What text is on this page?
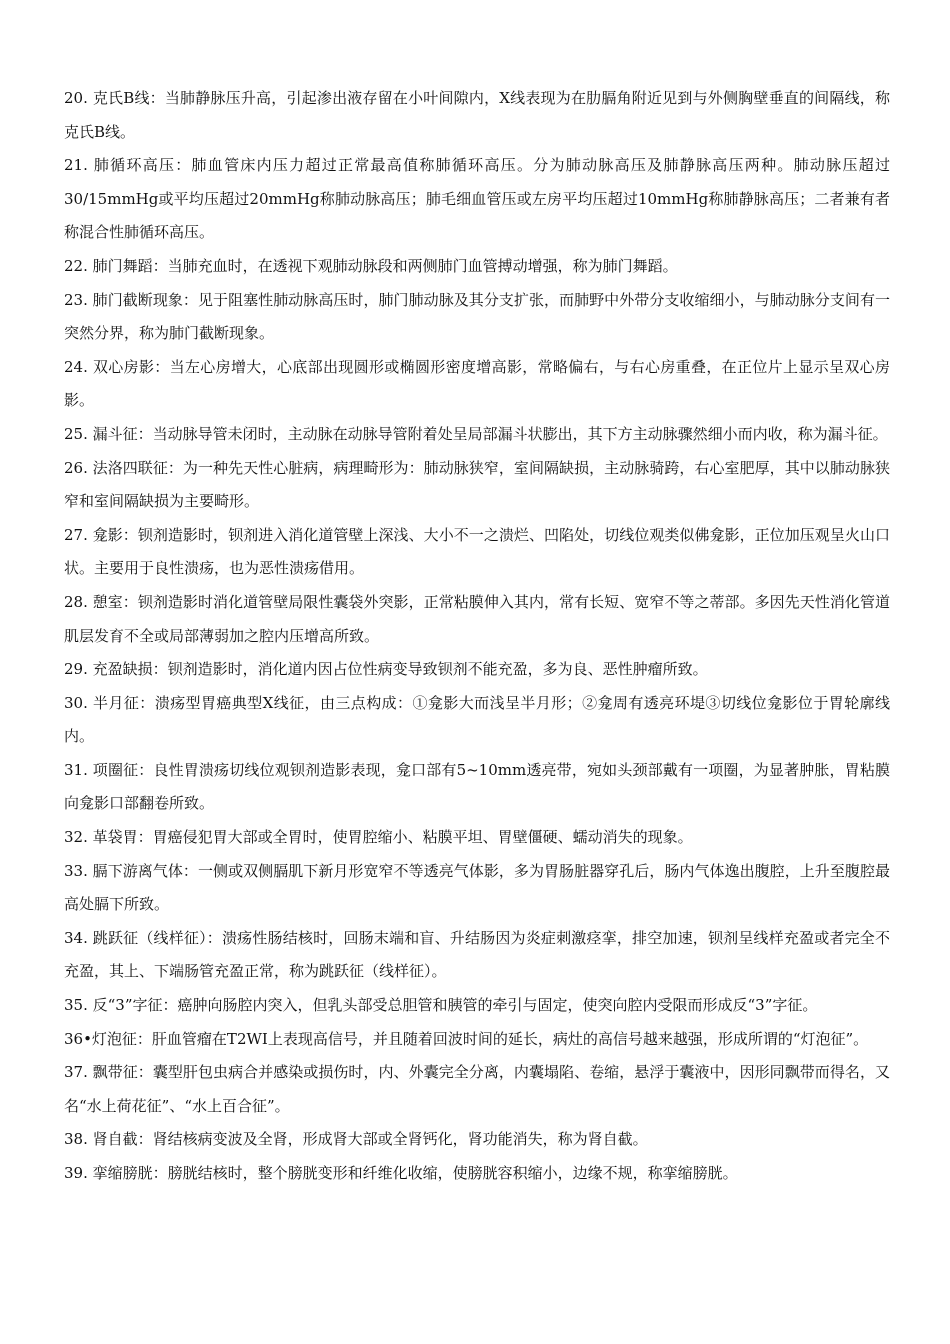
20. 克氏B线：当肺静脉压升高，引起渗出液存留在小叶间隙内，X线表现为在肋膈角附近见到与外侧胸壁垂直的间隔线，称克氏B线。

21. 肺循环高压：肺血管床内压力超过正常最高值称肺循环高压。分为肺动脉高压及肺静脉高压两种。肺动脉压超过30/15mmHg或平均压超过20mmHg称肺动脉高压；肺毛细血管压或左房平均压超过10mmHg称肺静脉高压；二者兼有者称混合性肺循环高压。

22. 肺门舞蹈：当肺充血时，在透视下观肺动脉段和两侧肺门血管搏动增强，称为肺门舞蹈。

23. 肺门截断现象：见于阻塞性肺动脉高压时，肺门肺动脉及其分支扩张，而肺野中外带分支收缩细小，与肺动脉分支间有一突然分界，称为肺门截断现象。

24. 双心房影：当左心房增大，心底部出现圆形或椭圆形密度增高影，常略偏右，与右心房重叠，在正位片上显示呈双心房影。

25. 漏斗征：当动脉导管未闭时，主动脉在动脉导管附着处呈局部漏斗状膨出，其下方主动脉骤然细小而内收，称为漏斗征。

26. 法洛四联征：为一种先天性心脏病，病理畸形为：肺动脉狭窄，室间隔缺损，主动脉骑跨，右心室肥厚，其中以肺动脉狭窄和室间隔缺损为主要畸形。

27. 龛影：钡剂造影时，钡剂进入消化道管壁上深浅、大小不一之溃烂、凹陷处，切线位观类似佛龛影，正位加压观呈火山口状。主要用于良性溃疡，也为恶性溃疡借用。

28. 憩室：钡剂造影时消化道管壁局限性囊袋外突影，正常粘膜伸入其内，常有长短、宽窄不等之蒂部。多因先天性消化管道肌层发育不全或局部薄弱加之腔内压增高所致。

29. 充盈缺损：钡剂造影时，消化道内因占位性病变导致钡剂不能充盈，多为良、恶性肿瘤所致。

30. 半月征：溃疡型胃癌典型X线征，由三点构成：①龛影大而浅呈半月形；②龛周有透亮环堤③切线位龛影位于胃轮廓线内。

31. 项圈征：良性胃溃疡切线位观钡剂造影表现，龛口部有5~10mm透亮带，宛如头颈部戴有一项圈，为显著肿胀，胃粘膜向龛影口部翻卷所致。

32. 革袋胃：胃癌侵犯胃大部或全胃时，使胃腔缩小、粘膜平坦、胃壁僵硬、蠕动消失的现象。

33. 膈下游离气体：一侧或双侧膈肌下新月形宽窄不等透亮气体影，多为胃肠脏器穿孔后，肠内气体逸出腹腔，上升至腹腔最高处膈下所致。

34. 跳跃征（线样征）：溃疡性肠结核时，回肠末端和盲、升结肠因为炎症刺激痉挛，排空加速，钡剂呈线样充盈或者完全不充盈，其上、下端肠管充盈正常，称为跳跃征（线样征）。

35. 反“3”字征：癌肿向肠腔内突入，但乳头部受总胆管和胰管的牵引与固定，使突向腔内受限而形成反“3”字征。

36•灯泡征：肝血管瘤在T2WI上表现高信号，并且随着回波时间的延长，病灶的高信号越来越强，形成所谓的“灯泡征”。

37. 飘带征：囊型肝包虫病合并感染或损伤时，内、外囊完全分离，内囊塌陷、卷缩，悬浮于囊液中，因形同飘带而得名，又名“水上荷花征”、“水上百合征”。

38. 肾自截：肾结核病变波及全肾，形成肾大部或全肾钙化，肾功能消失，称为肾自截。

39. 挛缩膀胱：膀胱结核时，整个膀胱变形和纤维化收缩，使膀胱容积缩小，边缘不规，称挛缩膀胱。
